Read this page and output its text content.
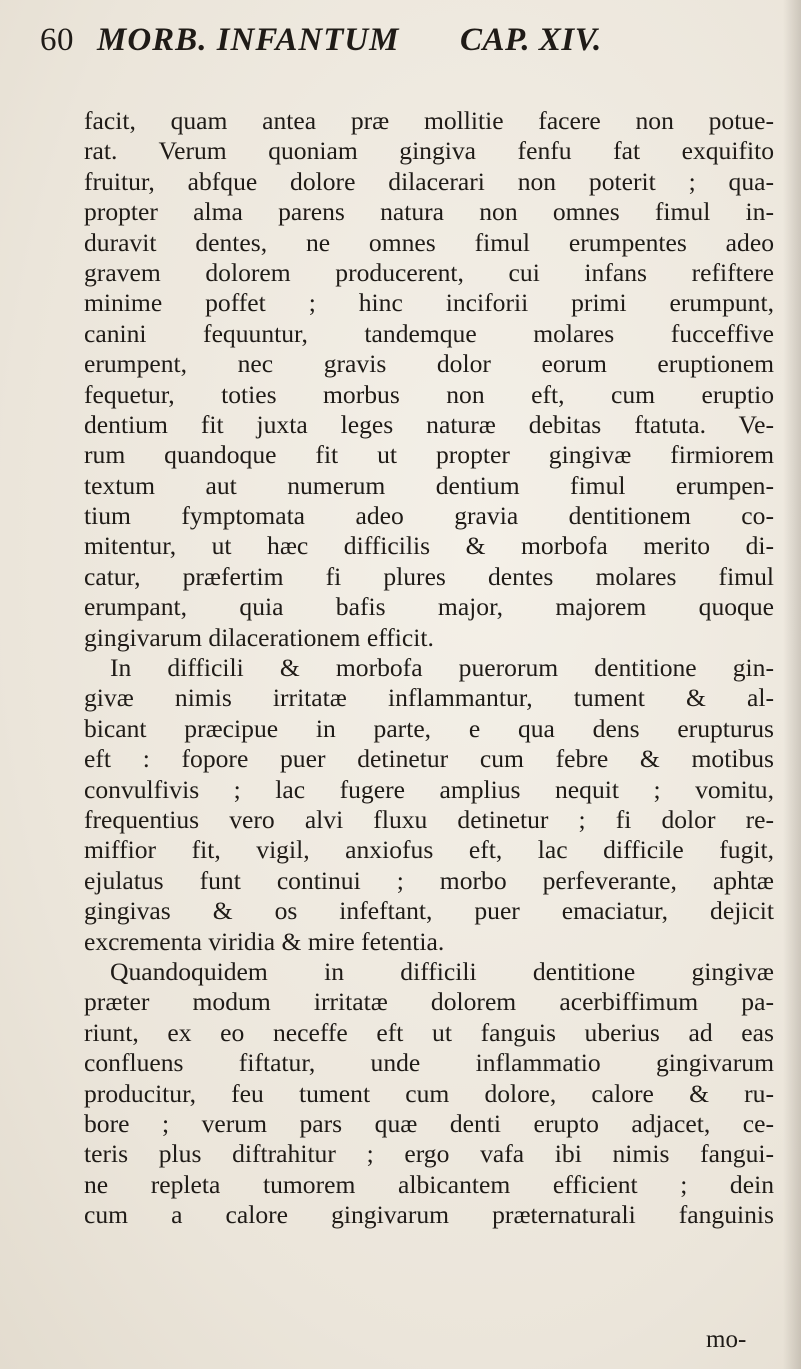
60 MORB. INFANTUM CAP. XIV.
facit, quam antea præ mollitie facere non potue-
rat. Verum quoniam gingiva fenfu fat exquifito
fruitur, abfque dolore dilacerari non poterit ; qua-
propter alma parens natura non omnes fimul in-
duravit dentes, ne omnes fimul erumpentes adeo
gravem dolorem producerent, cui infans refiftere
minime poffet ; hinc inciforii primi erumpunt,
canini fequuntur, tandemque molares fucceffive
erumpent, nec gravis dolor eorum eruptionem
fequetur, toties morbus non eft, cum eruptio
dentium fit juxta leges naturæ debitas ftatuta. Ve-
rum quandoque fit ut propter gingivæ firmiorem
textum aut numerum dentium fimul erumpen-
tium fymptomata adeo gravia dentitionem co-
mitentur, ut hæc difficilis & morbofa merito di-
catur, præfertim fi plures dentes molares fimul
erumpant, quia bafis major, majorem quoque
gingivarum dilacerationem efficit.
In difficili & morbofa puerorum dentitione gin-
givæ nimis irritatæ inflammantur, tument & al-
bicant præcipue in parte, e qua dens erupturus
eft : fopore puer detinetur cum febre & motibus
convulfivis ; lac fugere amplius nequit ; vomitu,
frequentius vero alvi fluxu detinetur ; fi dolor re-
miffior fit, vigil, anxiofus eft, lac difficile fugit,
ejulatus funt continui ; morbo perfeverante, aphtæ
gingivas & os infeftant, puer emaciatur, dejicit
excrementa viridia & mire fetentia.
Quandoquidem in difficili dentitione gingivæ
præter modum irritatæ dolorem acerbiffimum pa-
riunt, ex eo neceffe eft ut fanguis uberius ad eas
confluens fiftatur, unde inflammatio gingivarum
producitur, feu tument cum dolore, calore & ru-
bore ; verum pars quæ denti erupto adjacet, ce-
teris plus diftrahitur ; ergo vafa ibi nimis fangui-
ne repleta tumorem albicantem efficient ; dein
cum a calore gingivarum præternaturali fanguinis
mo-
